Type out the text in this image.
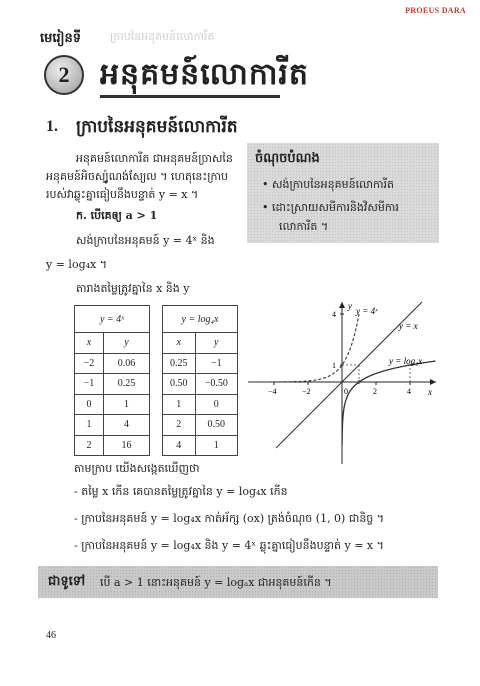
PROEUS DARA
មេរៀនទី	ក្រាបនៃអនុគមន៍លោការីត
2 អនុគមន៍លោការីត
1. ក្រាបនៃអនុគមន៍លោការីត
អនុគមន៍លោការីត ជាអនុគមន៍ច្រាសនៃ
អនុគមន៍អិចស្ប៉ូណង់ស្យែល ។ ហេតុនេះក្រាប
របស់វាឆ្លុះគ្នាធៀបនឹងបន្ទាត់ y = x ។
ក. បើគេឲ្យ a > 1
សង់ក្រាបនៃអនុគមន៍ y = 4ˣ និង
y = log₄x ។
តារាងតម្លៃត្រូវគ្នានៃ x និង y
ចំណុចបំណង
• សង់ក្រាបនៃអនុគមន៍លោការីត
• ដោះស្រាយសមីការនិងវិសមីការ
លោការីត ។
y = 4ˣ	
x	y
−2	0.06
−1	0.25
0	1
1	4
2	16
y = log₄x	
x	y
0.25	−1
0.50	−0.50
1	0
2	0.50
4	1
y
x
y = 4ˣ
y = x
y = log₄x
0
−4	−2	2	4
4
1
តាមក្រាប យើងសង្កេតឃើញថា
- តម្លៃ x កើន គេបានតម្លៃត្រូវគ្នានៃ y = log₄x កើន
- ក្រាបនៃអនុគមន៍ y = log₄x កាត់អ័ក្ស (ox) ត្រង់ចំណុច (1, 0) ជានិច្ច ។
- ក្រាបនៃអនុគមន៍ y = log₄x និង y = 4ˣ ឆ្លុះគ្នាធៀបនឹងបន្ទាត់ y = x ។
ជាទូទៅ បើ a > 1 នោះអនុគមន៍ y = logₐx ជាអនុគមន៍កើន ។
46
